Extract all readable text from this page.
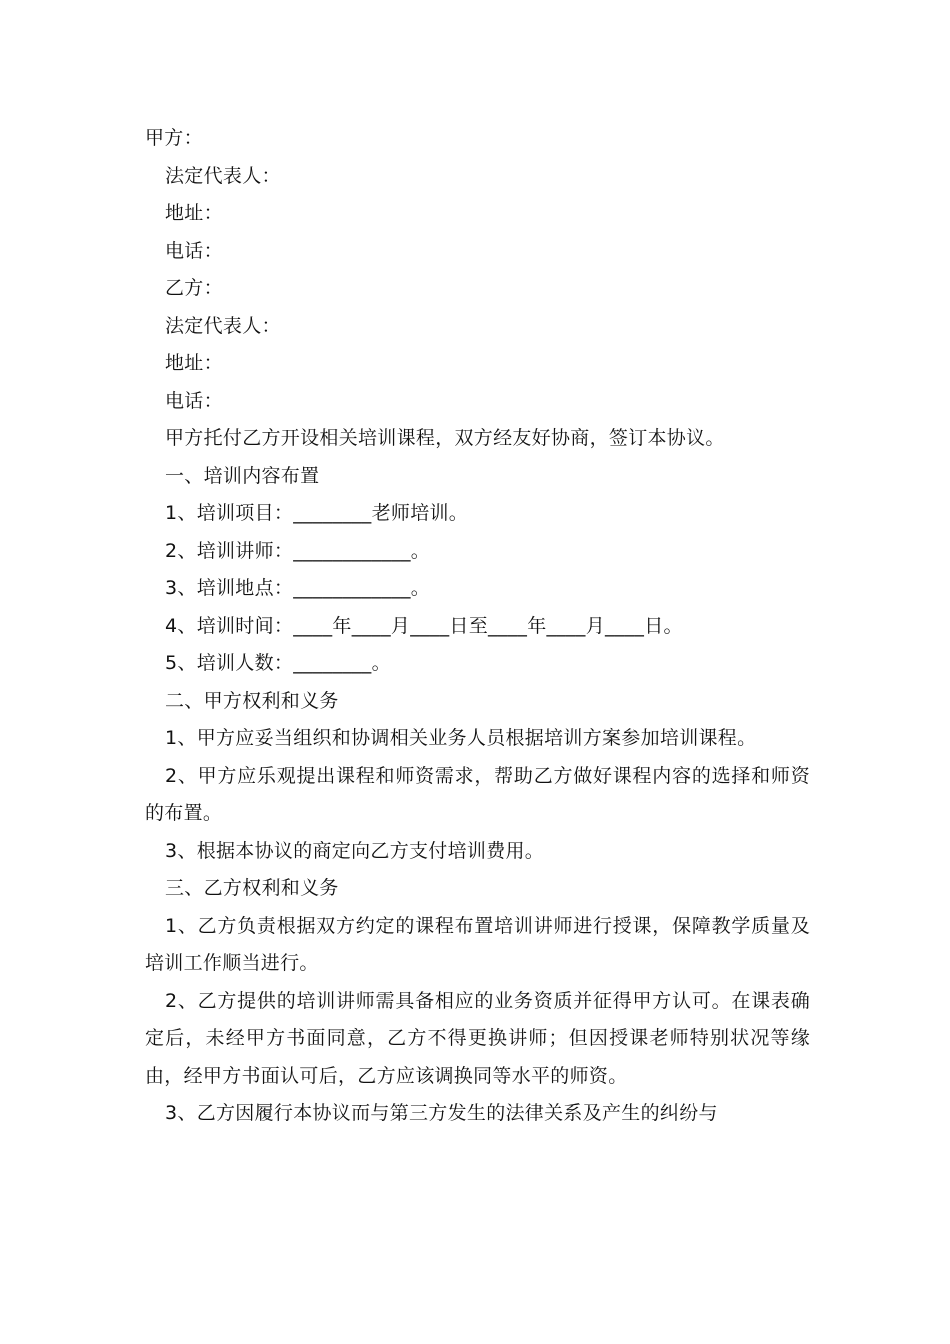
甲方：
法定代表人：
地址：
电话：
乙方：
法定代表人：
地址：
电话：
甲方托付乙方开设相关培训课程，双方经友好协商，签订本协议。
一、培训内容布置
1、培训项目：________老师培训。
2、培训讲师：____________。
3、培训地点：____________。
4、培训时间：____年____月____日至____年____月____日。
5、培训人数：________。
二、甲方权利和义务
1、甲方应妥当组织和协调相关业务人员根据培训方案参加培训课程。
2、甲方应乐观提出课程和师资需求，帮助乙方做好课程内容的选择和师资的布置。
3、根据本协议的商定向乙方支付培训费用。
三、乙方权利和义务
1、乙方负责根据双方约定的课程布置培训讲师进行授课，保障教学质量及培训工作顺当进行。
2、乙方提供的培训讲师需具备相应的业务资质并征得甲方认可。在课表确定后，未经甲方书面同意，乙方不得更换讲师；但因授课老师特别状况等缘由，经甲方书面认可后，乙方应该调换同等水平的师资。
3、乙方因履行本协议而与第三方发生的法律关系及产生的纠纷与
